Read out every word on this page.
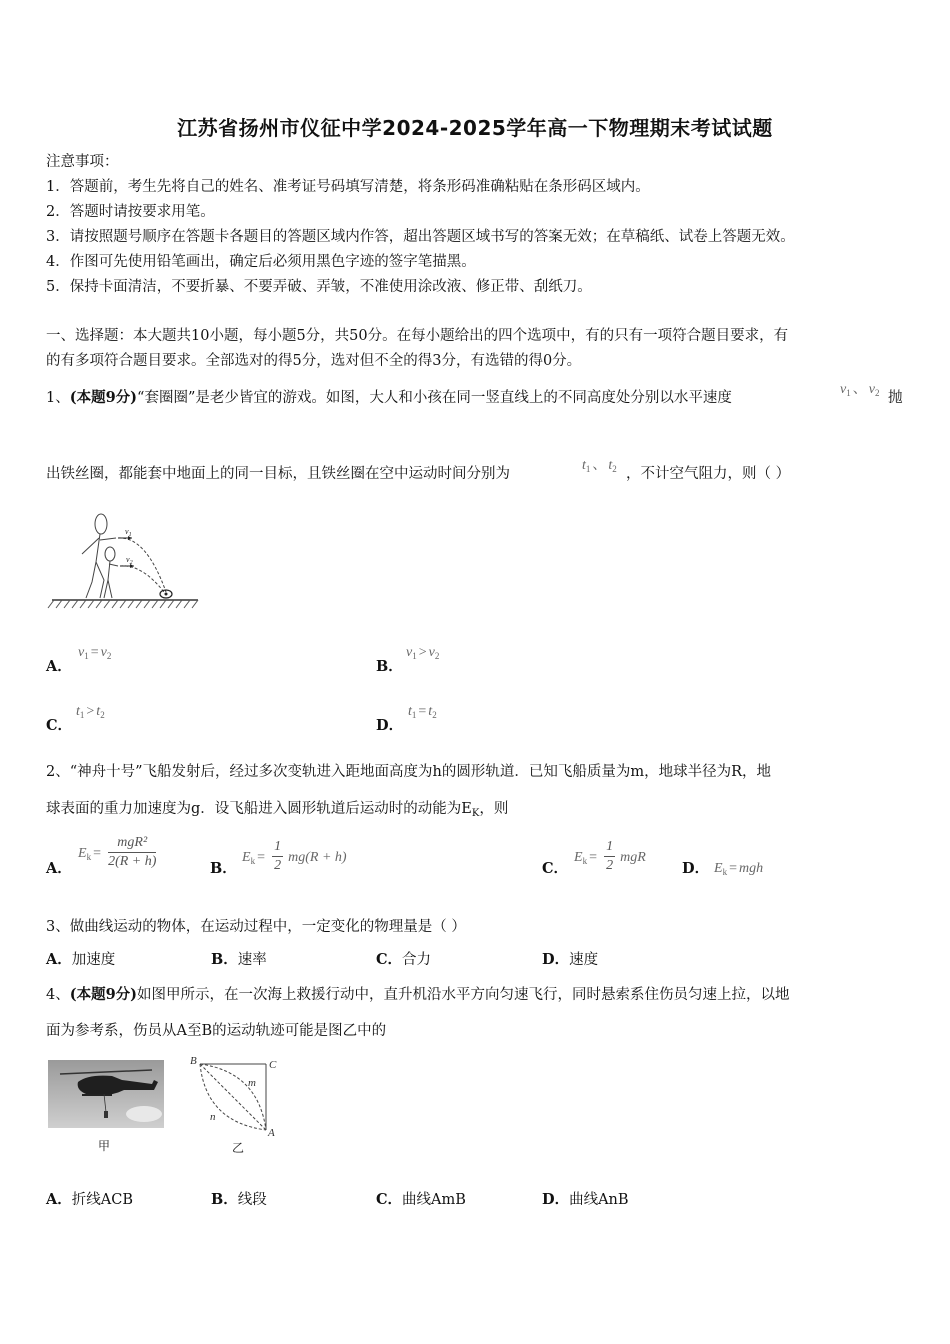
江苏省扬州市仪征中学2024-2025学年高一下物理期末考试试题
注意事项：
1．答题前，考生先将自己的姓名、准考证号码填写清楚，将条形码准确粘贴在条形码区域内。
2．答题时请按要求用笔。
3．请按照题号顺序在答题卡各题目的答题区域内作答，超出答题区域书写的答案无效；在草稿纸、试卷上答题无效。
4．作图可先使用铅笔画出，确定后必须用黑色字迹的签字笔描黑。
5．保持卡面清洁，不要折暴、不要弄破、弄皱，不准使用涂改液、修正带、刮纸刀。
一、选择题：本大题共10小题，每小题5分，共50分。在每小题给出的四个选项中，有的只有一项符合题目要求，有
的有多项符合题目要求。全部选对的得5分，选对但不全的得3分，有选错的得0分。
1、(本题9分)“套圈圈”是老少皆宜的游戏。如图，大人和小孩在同一竖直线上的不同高度处分别以水平速度
$v_1$ 、 $v_2$ 抛
出铁丝圈，都能套中地面上的同一目标，且铁丝圈在空中运动时间分别为
$t_1$ 、 $t_2$ ，不计空气阻力，则（ ）
$v_1$
$v_2$
A．
$v_1 = v_2$
B．
$v_1 > v_2$
C．
$t_1 > t_2$
D．
$t_1 = t_2$
2、“神舟十号”飞船发射后，经过多次变轨进入距地面高度为h的圆形轨道．已知飞船质量为m，地球半径为R，地
球表面的重力加速度为g．设飞船进入圆形轨道后运动时的动能为$E_K$，则
A．
$E_k = \frac{\text{mgR²}}{2(R + h)}$	B．
$E_k = \frac{1}{2} mg(R + h)$
C．
$E_k = \frac{1}{2}$ mgR
D． $E_k$ = mgh
3、做曲线运动的物体，在运动过程中，一定变化的物理量是（ ）
A．加速度	B．速率	C．合力	D．速度
4、(本题9分)如图甲所示，在一次海上救援行动中，直升机沿水平方向匀速飞行，同时悬索系住伤员匀速上拉，以地
面为参考系，伤员从A至B的运动轨迹可能是图乙中的
甲
B	C
A
m
n
乙
A．折线ACB	B．线段	C．曲线AmB	D．曲线AnB
